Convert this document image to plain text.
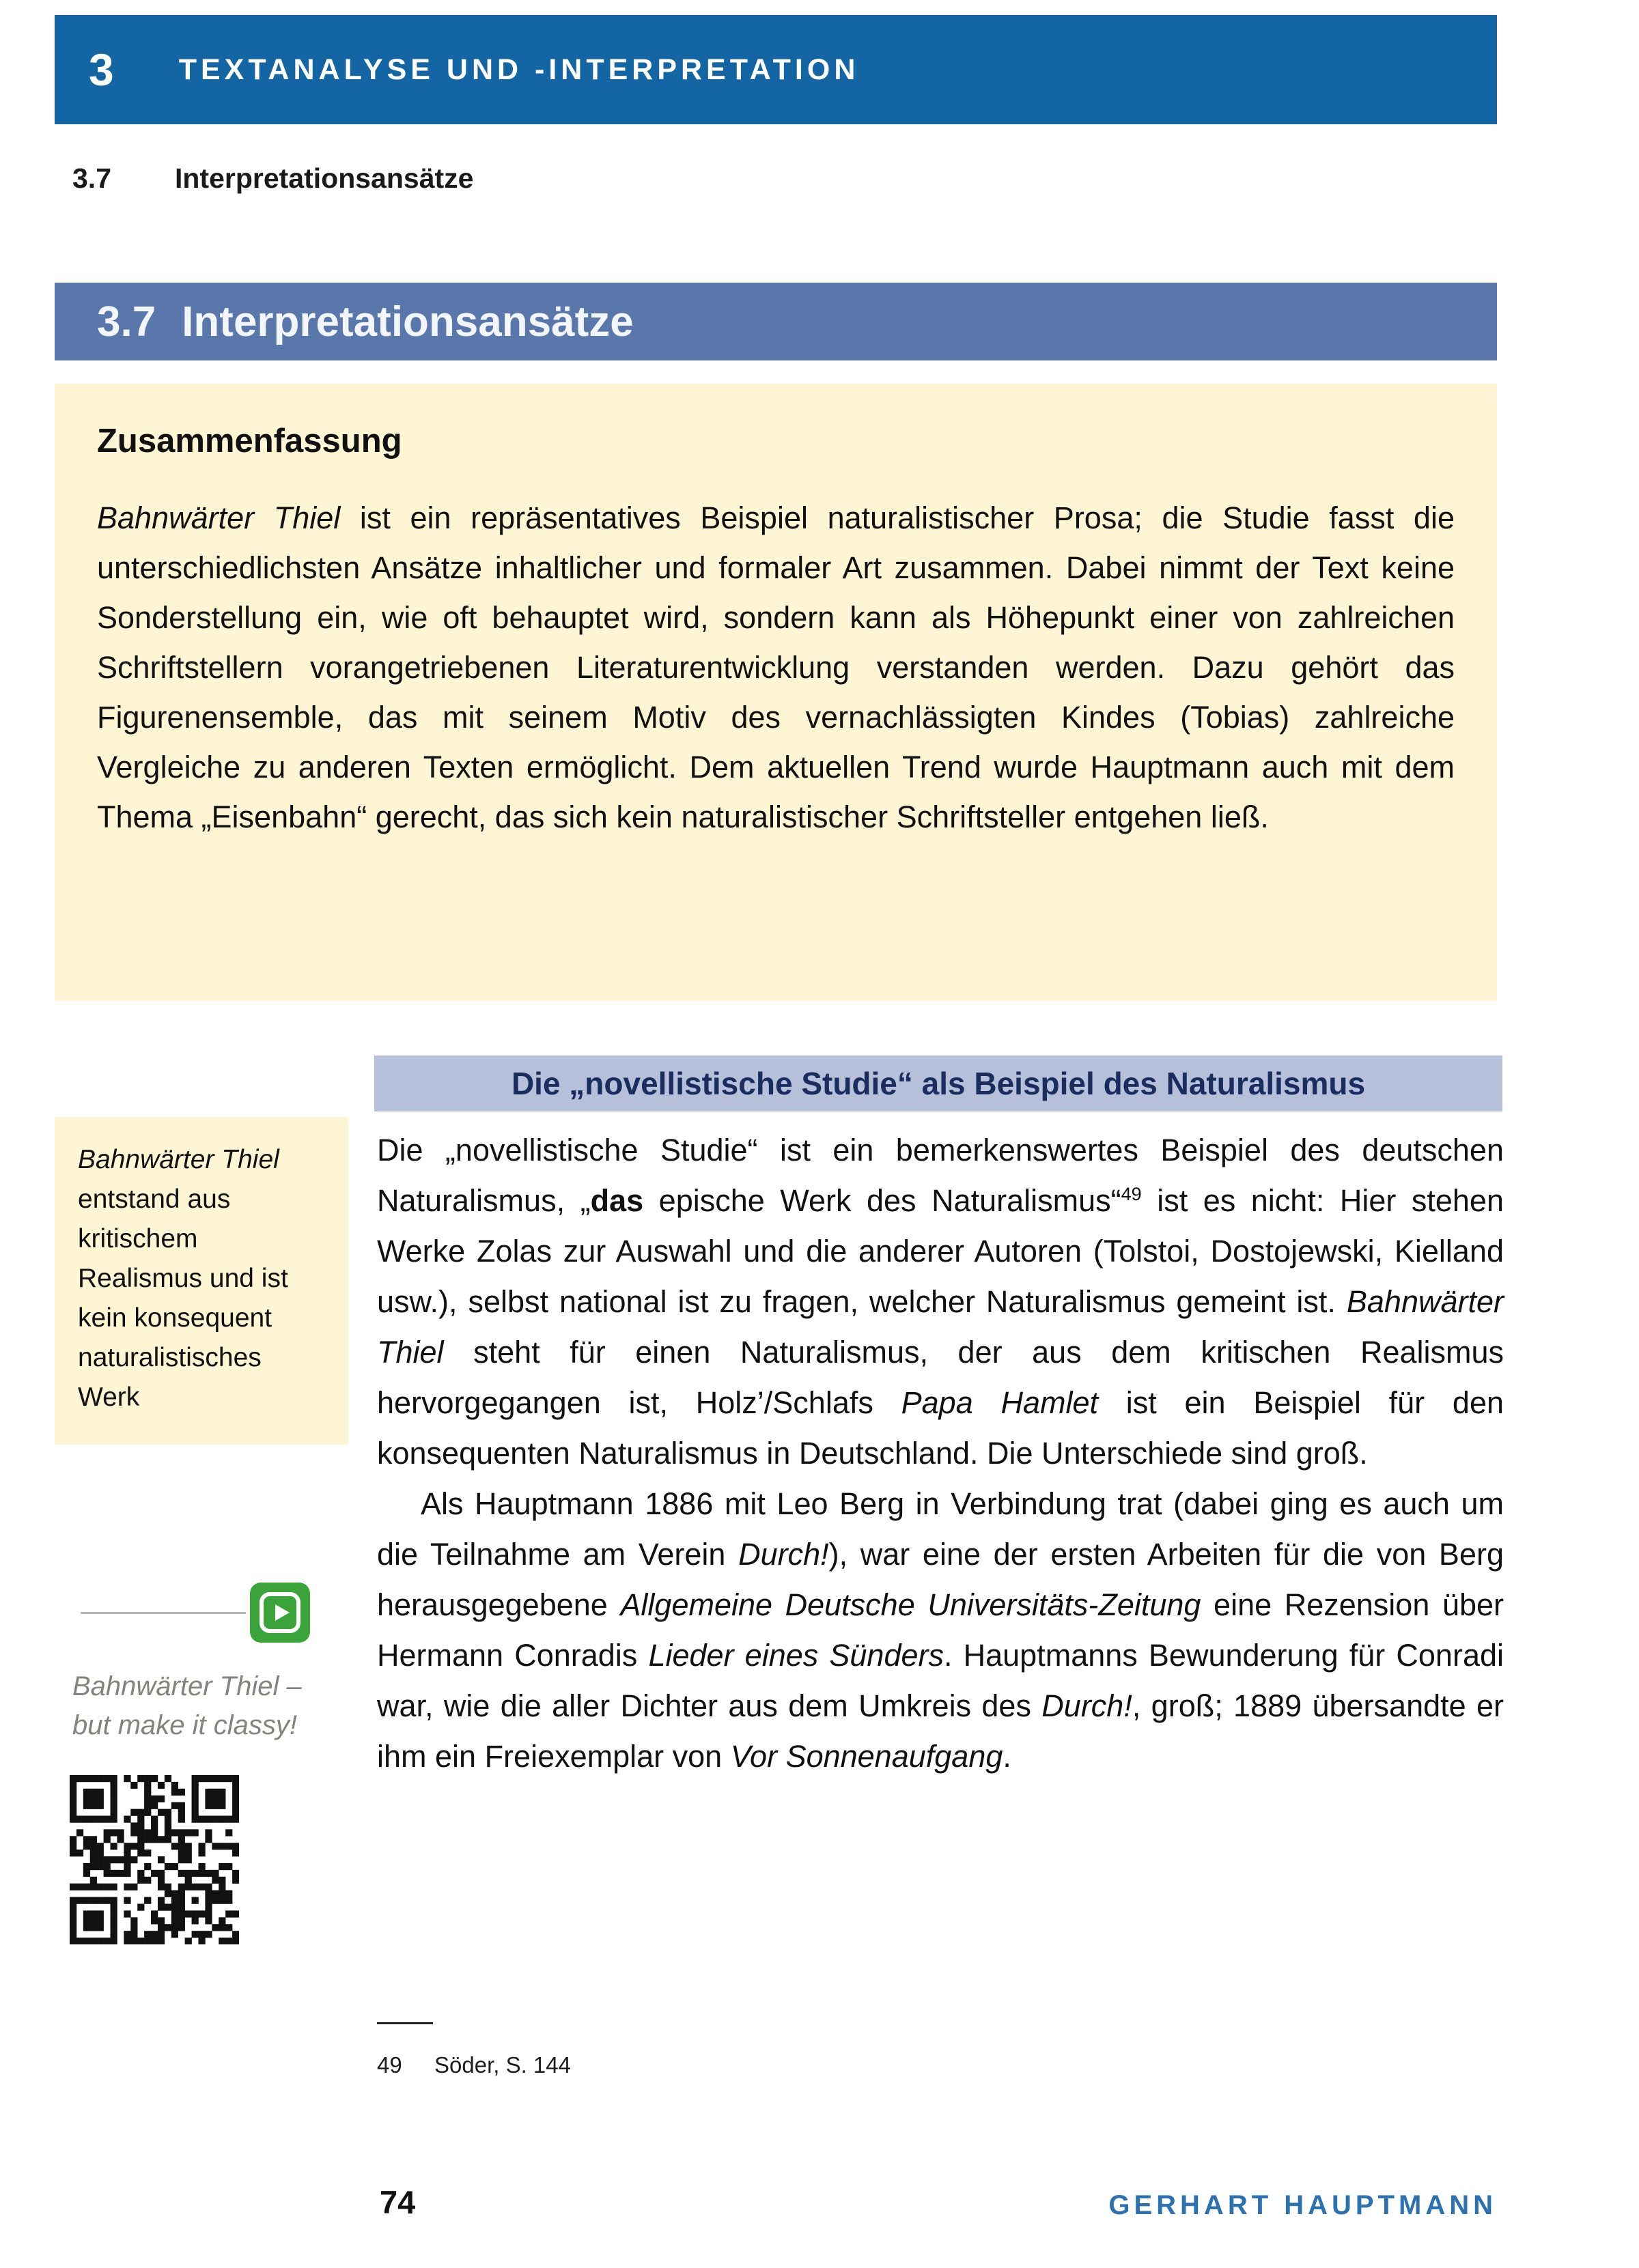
3 TEXTANALYSE UND -INTERPRETATION
3.7	Interpretationsansätze
3.7 Interpretationsansätze
Zusammenfassung

Bahnwärter Thiel ist ein repräsentatives Beispiel naturalistischer Prosa; die Studie fasst die unterschiedlichsten Ansätze inhaltlicher und formaler Art zusammen. Dabei nimmt der Text keine Sonderstellung ein, wie oft behauptet wird, sondern kann als Höhepunkt einer von zahlreichen Schriftstellern vorangetriebenen Literaturentwicklung verstanden werden. Dazu gehört das Figurenensemble, das mit seinem Motiv des vernachlässigten Kindes (Tobias) zahlreiche Vergleiche zu anderen Texten ermöglicht. Dem aktuellen Trend wurde Hauptmann auch mit dem Thema „Eisenbahn“ gerecht, das sich kein naturalistischer Schriftsteller entgehen ließ.

Die „novellistische Studie“ als Beispiel des Naturalismus
Bahnwärter Thiel entstand aus kritischem Realismus und ist kein konsequent naturalistisches Werk

Die „novellistische Studie“ ist ein bemerkenswertes Beispiel des deutschen Naturalismus, „das epische Werk des Naturalismus“$^{49}$ ist es nicht: Hier stehen Werke Zolas zur Auswahl und die anderer Autoren (Tolstoi, Dostojewski, Kielland usw.), selbst national ist zu fragen, welcher Naturalismus gemeint ist. Bahnwärter Thiel steht für einen Naturalismus, der aus dem kritischen Realismus hervorgegangen ist, Holz’/Schlafs Papa Hamlet ist ein Beispiel für den konsequenten Naturalismus in Deutschland. Die Unterschiede sind groß.

Als Hauptmann 1886 mit Leo Berg in Verbindung trat (dabei ging es auch um die Teilnahme am Verein Durch!), war eine der ersten Arbeiten für die von Berg herausgegebene Allgemeine Deutsche Universitäts-Zeitung eine Rezension über Hermann Conradis Lieder eines Sünders. Hauptmanns Bewunderung für Conradi war, wie die aller Dichter aus dem Umkreis des Durch!, groß; 1889 übersandte er ihm ein Freiexemplar von Vor Sonnenaufgang.

Bahnwärter Thiel –
but make it classy!
49 Söder, S. 144
74	GERHART HAUPTMANN
